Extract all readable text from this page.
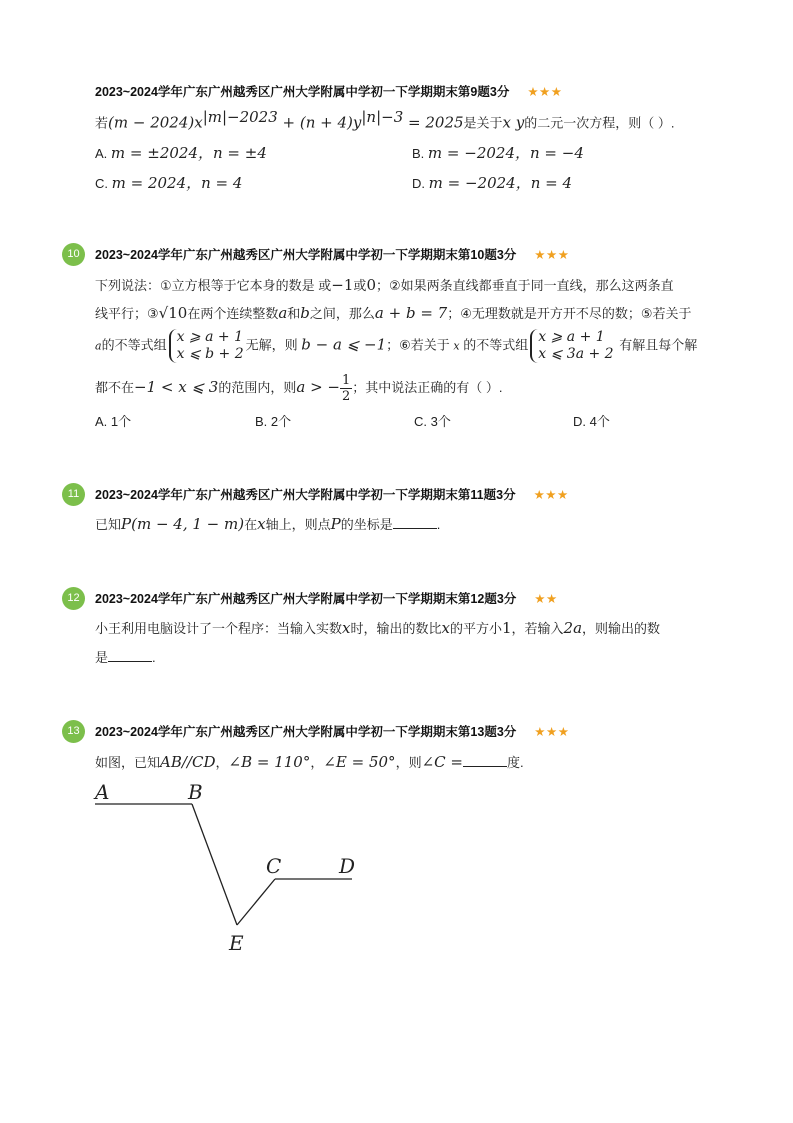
2023~2024学年广东广州越秀区广州大学附属中学初一下学期期末第9题3分 ★★★
若$(m - 2024)x^{|m|-2023} + (n + 4)y^{|n|-3} = 2025$是关于x y的二元一次方程，则（ ）.
A. m = ±2024，n = ±4	B. m = −2024，n = −4
C. m = 2024，n = 4	D. m = −2024，n = 4
10	2023~2024学年广东广州越秀区广州大学附属中学初一下学期期末第10题3分 ★★★
下列说法：①立方根等于它本身的数是 或−1或0；②如果两条直线都垂直于同一直线，那么这两条直
线平行；③√10在两个连续整数a和b之间，那么a + b = 7；④无理数就是开方开不尽的数；⑤若关于
a的不等式组 x ⩾ a + 1
x ⩽ b + 2
无解，则 b − a ⩽ −1；⑥若关于 x 的不等式组 x ⩾ a + 1
x ⩽ 3a + 2
有解且每个解
都不在−1 < x ⩽ 3的范围内，则a > − $\frac{1}{2}$ ；其中说法正确的有（ ）.
A. 1个	B. 2个	C. 3个	D. 4个
11	2023~2024学年广东广州越秀区广州大学附属中学初一下学期期末第11题3分 ★★★
已知P(m − 4, 1 − m)在x轴上，则点P的坐标是	.
12	2023~2024学年广东广州越秀区广州大学附属中学初一下学期期末第12题3分 ★★
小王利用电脑设计了一个程序：当输入实数x时，输出的数比x的平方小1，若输入2a，则输出的数
是	.
13	2023~2024学年广东广州越秀区广州大学附属中学初一下学期期末第13题3分 ★★★
如图，已知AB//CD，∠B = 110°，∠E = 50°，则∠C =	度.
A	B
C	D
E
